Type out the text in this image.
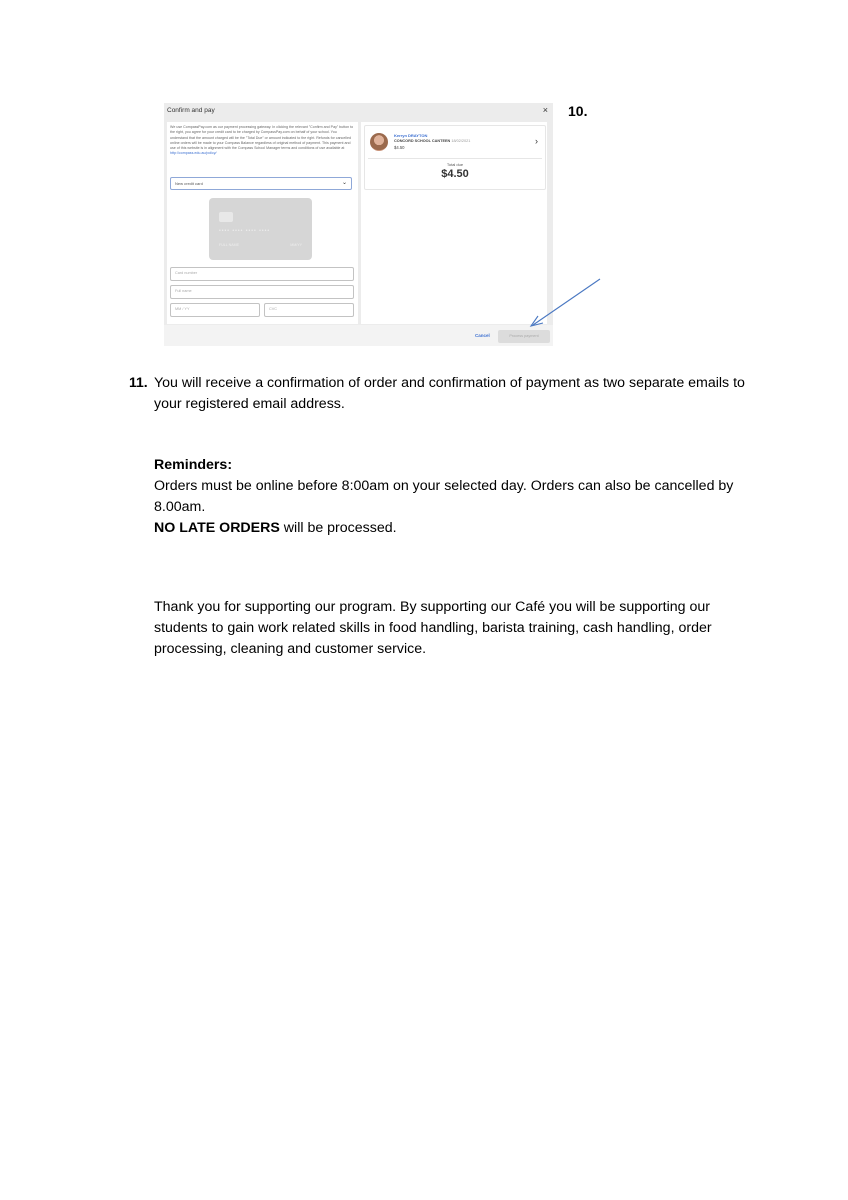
Confirm and pay	×
We use CompassPay.com as our payment processing gateway. In clicking the relevant "Confirm and Pay" button to the right, you agree for your credit card to be charged by CompassPay.com on behalf of your school. You understand that the amount charged will be the "Total Due" or amount indicated to the right. Refunds for cancelled online orders will be made to your Compass Balance regardless of original method of payment. This payment and use of this website is in alignment with the Compass School Manager terms and conditions of use available at http://compass.edu.au/policy/
New credit card	⌄
•••• •••• •••• ••••
FULL NAME	MM/YY
Card number
Full name
MM / YY	CVC
Kerryn DRAYTON
CONCORD SCHOOL CANTEEN 18/02/2021
$4.50
›
Total due
$4.50
Cancel	Process payment
10.
11. You will receive a confirmation of order and confirmation of payment as two separate emails to your registered email address.
Reminders:
Orders must be online before 8:00am on your selected day. Orders can also be cancelled by 8.00am.
NO LATE ORDERS will be processed.
Thank you for supporting our program. By supporting our Café you will be supporting our students to gain work related skills in food handling, barista training, cash handling, order processing, cleaning and customer service.
